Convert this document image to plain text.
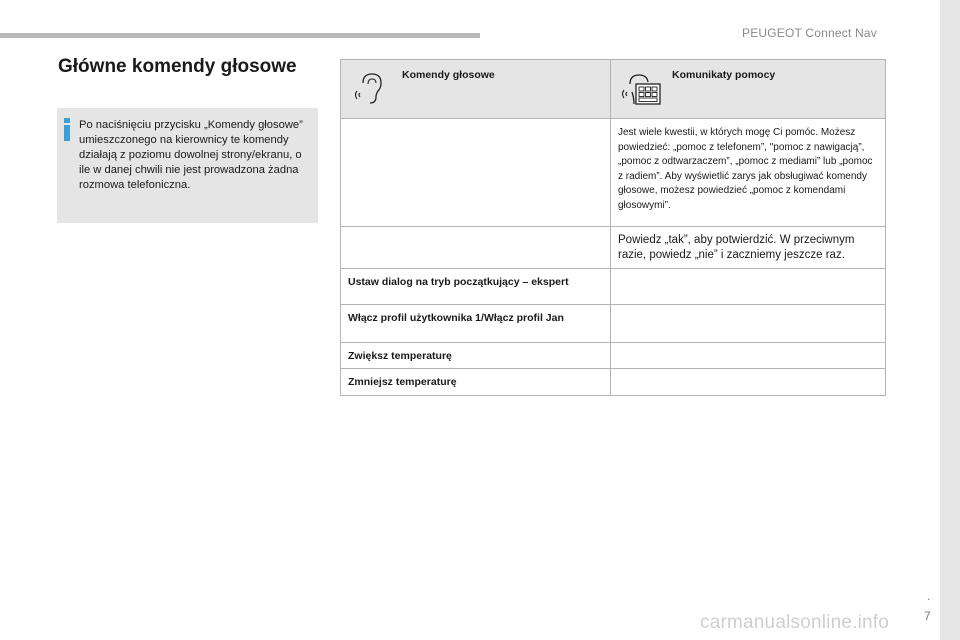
PEUGEOT Connect Nav
Główne komendy głosowe

Po naciśnięciu przycisku „Komendy głosowe” umieszczonego na kierownicy te komendy działają z poziomu dowolnej strony/ekranu, o ile w danej chwili nie jest prowadzona żadna rozmowa telefoniczna.

Komendy głosowe	Komunikaty pomocy

	Jest wiele kwestii, w których mogę Ci pomóc. Możesz powiedzieć: „pomoc z telefonem”, "pomoc z nawigacją”, „pomoc z odtwarzaczem”, „pomoc z mediami” lub „pomoc z radiem”. Aby wyświetlić zarys jak obsługiwać komendy głosowe, możesz powiedzieć „pomoc z komendami głosowymi”.

	Powiedz „tak”, aby potwierdzić. W przeciwnym razie, powiedz „nie” i zaczniemy jeszcze raz.

Ustaw dialog na tryb początkujący – ekspert	
Włącz profil użytkownika 1/Włącz profil Jan	
Zwiększ temperaturę	
Zmniejsz temperaturę	
.
7
carmanualsonline.info
